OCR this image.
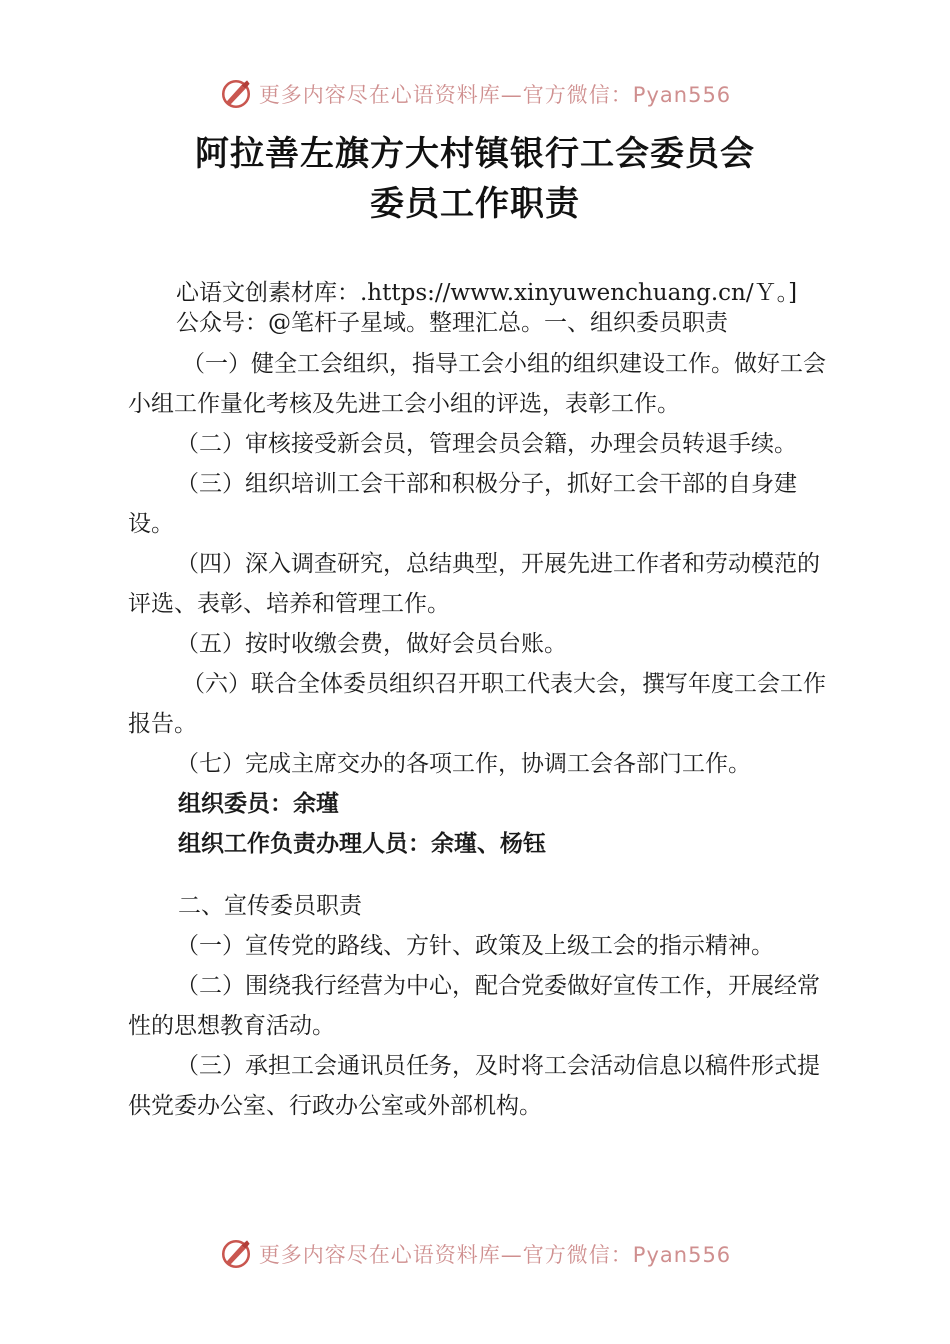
更多内容尽在心语资料库—官方微信：Pyan556
阿拉善左旗方大村镇银行工会委员会
委员工作职责

心语文创素材库：.https://www.xinyuwenchuang.cn/Ｙ。]

公众号：@笔杆子星域。整理汇总。一、组织委员职责

（一）健全工会组织，指导工会小组的组织建设工作。做好工会小组工作量化考核及先进工会小组的评选，表彰工作。

（二）审核接受新会员，管理会员会籍，办理会员转退手续。

（三）组织培训工会干部和积极分子，抓好工会干部的自身建设。

（四）深入调查研究，总结典型，开展先进工作者和劳动模范的评选、表彰、培养和管理工作。

（五）按时收缴会费，做好会员台账。

（六）联合全体委员组织召开职工代表大会，撰写年度工会工作报告。

（七）完成主席交办的各项工作，协调工会各部门工作。

组织委员：余瑾

组织工作负责办理人员：余瑾、杨钰

二、宣传委员职责

（一）宣传党的路线、方针、政策及上级工会的指示精神。

（二）围绕我行经营为中心，配合党委做好宣传工作，开展经常性的思想教育活动。

（三）承担工会通讯员任务，及时将工会活动信息以稿件形式提供党委办公室、行政办公室或外部机构。

更多内容尽在心语资料库—官方微信：Pyan556
